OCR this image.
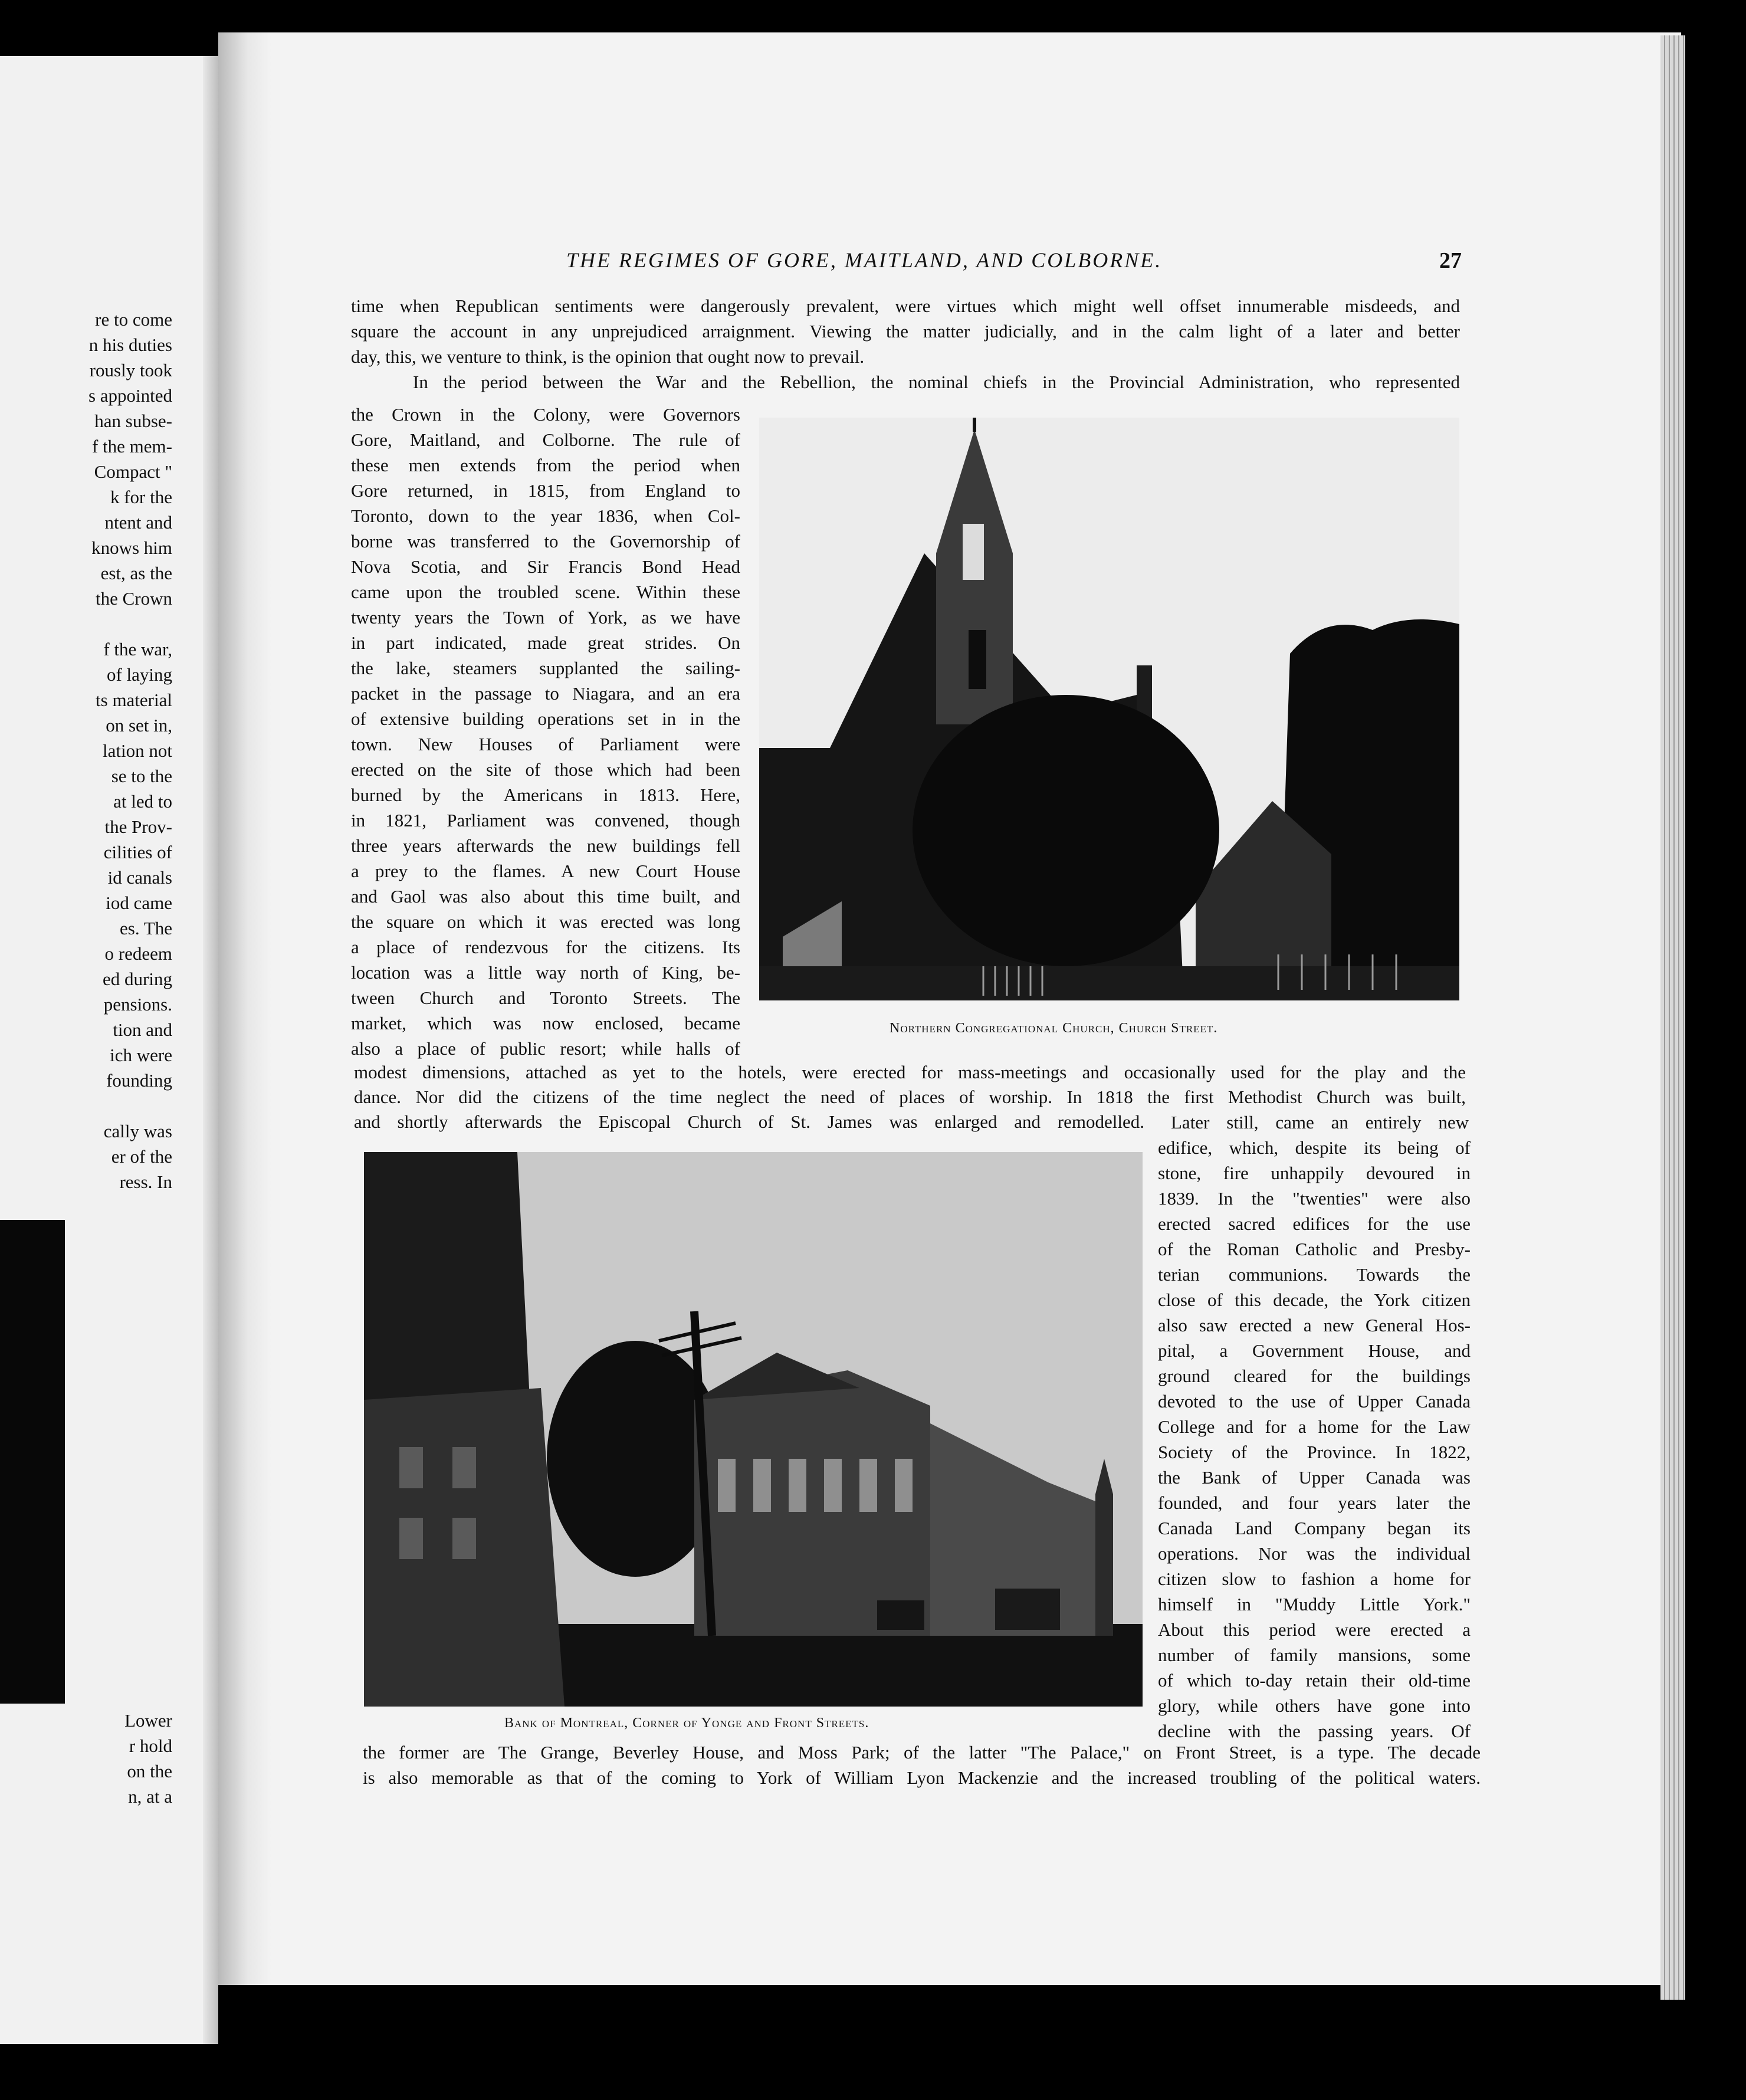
re to come
n his duties
rously took
s appointed
han subse-
f the mem-
Compact "
k for the
ntent and
knows him
est, as the
the Crown
f the war,
of laying
ts material
on set in,
lation not
se to the
at led to
the Prov-
cilities of
id canals
iod came
es. The
o redeem
ed during
pensions.
tion and
ich were
founding
cally was
er of the
ress. In
Lower
r hold
on the
n, at a
THE REGIMES OF GORE, MAITLAND, AND COLBORNE.	27
time when Republican sentiments were dangerously prevalent, were virtues which might well offset innumerable misdeeds, and
square the account in any unprejudiced arraignment. Viewing the matter judicially, and in the calm light of a later and better
day, this, we venture to think, is the opinion that ought now to prevail.
In the period between the War and the Rebellion, the nominal chiefs in the Provincial Administration, who represented
the Crown in the Colony, were Governors
Gore, Maitland, and Colborne. The rule of
these men extends from the period when
Gore returned, in 1815, from England to
Toronto, down to the year 1836, when Col-
borne was transferred to the Governorship of
Nova Scotia, and Sir Francis Bond Head
came upon the troubled scene. Within these
twenty years the Town of York, as we have
in part indicated, made great strides. On
the lake, steamers supplanted the sailing-
packet in the passage to Niagara, and an era
of extensive building operations set in in the
town. New Houses of Parliament were
erected on the site of those which had been
burned by the Americans in 1813. Here,
in 1821, Parliament was convened, though
three years afterwards the new buildings fell
a prey to the flames. A new Court House
and Gaol was also about this time built, and
the square on which it was erected was long
a place of rendezvous for the citizens. Its
location was a little way north of King, be-
tween Church and Toronto Streets. The
market, which was now enclosed, became
also a place of public resort; while halls of
modest dimensions, attached as yet to the hotels, were erected for mass-meetings and occasionally used for the play and the
dance. Nor did the citizens of the time neglect the need of places of worship. In 1818 the first Methodist Church was built,
and shortly afterwards the Episcopal Church of St. James was enlarged and remodelled. Later still, came an entirely new
edifice, which, despite its being of
stone, fire unhappily devoured in
1839. In the "twenties" were also
erected sacred edifices for the use
of the Roman Catholic and Presby-
terian communions. Towards the
close of this decade, the York citizen
also saw erected a new General Hos-
pital, a Government House, and
ground cleared for the buildings
devoted to the use of Upper Canada
College and for a home for the Law
Society of the Province. In 1822,
the Bank of Upper Canada was
founded, and four years later the
Canada Land Company began its
operations. Nor was the individual
citizen slow to fashion a home for
himself in "Muddy Little York."
About this period were erected a
number of family mansions, some
of which to-day retain their old-time
glory, while others have gone into
decline with the passing years. Of
the former are The Grange, Beverley House, and Moss Park; of the latter "The Palace," on Front Street, is a type. The decade
is also memorable as that of the coming to York of William Lyon Mackenzie and the increased troubling of the political waters.
Northern Congregational Church, Church Street.
Bank of Montreal, Corner of Yonge and Front Streets.
